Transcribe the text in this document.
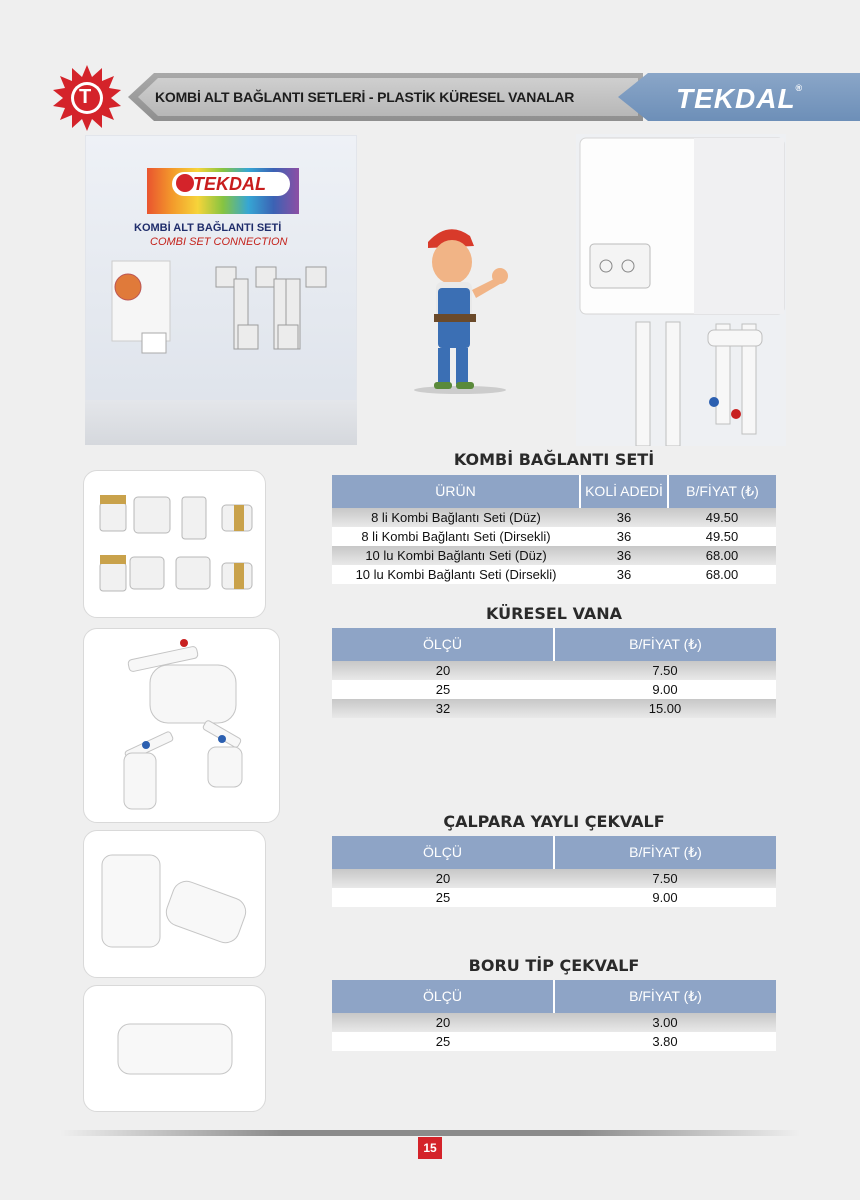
T	KOMBİ ALT BAĞLANTI SETLERİ - PLASTİK KÜRESEL VANALAR	TEKDAL®
TEKDAL
KOMBİ ALT BAĞLANTI SETİ
COMBI SET CONNECTION
KOMBİ BAĞLANTI SETİ
ÜRÜN	KOLİ ADEDİ	B/FİYAT (₺)
8 li Kombi Bağlantı Seti (Düz)	36	49.50
8 li Kombi Bağlantı Seti (Dirsekli)	36	49.50
10 lu Kombi Bağlantı Seti (Düz)	36	68.00
10 lu Kombi Bağlantı Seti (Dirsekli)	36	68.00
KÜRESEL VANA
ÖLÇÜ	B/FİYAT (₺)
20	7.50
25	9.00
32	15.00
ÇALPARA YAYLI ÇEKVALF
ÖLÇÜ	B/FİYAT (₺)
20	7.50
25	9.00
BORU TİP ÇEKVALF
ÖLÇÜ	B/FİYAT (₺)
20	3.00
25	3.80
15
